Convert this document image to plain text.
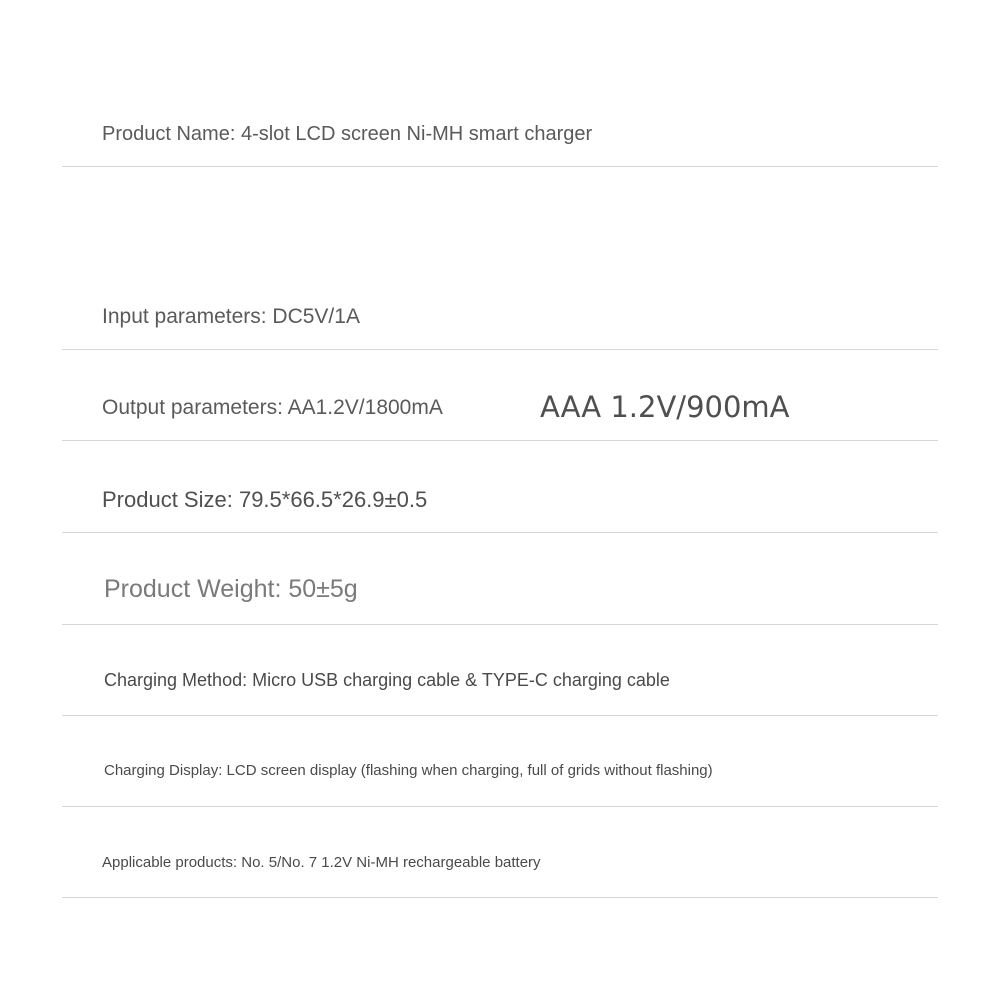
Product Name: 4-slot LCD screen Ni-MH smart charger
Input parameters: DC5V/1A
Output parameters: AA1.2V/1800mA	AAA 1.2V/900mA
Product Size: 79.5*66.5*26.9±0.5
Product Weight: 50±5g
Charging Method: Micro USB charging cable & TYPE-C charging cable
Charging Display: LCD screen display (flashing when charging, full of grids without flashing)
Applicable products: No. 5/No. 7 1.2V Ni-MH rechargeable battery
